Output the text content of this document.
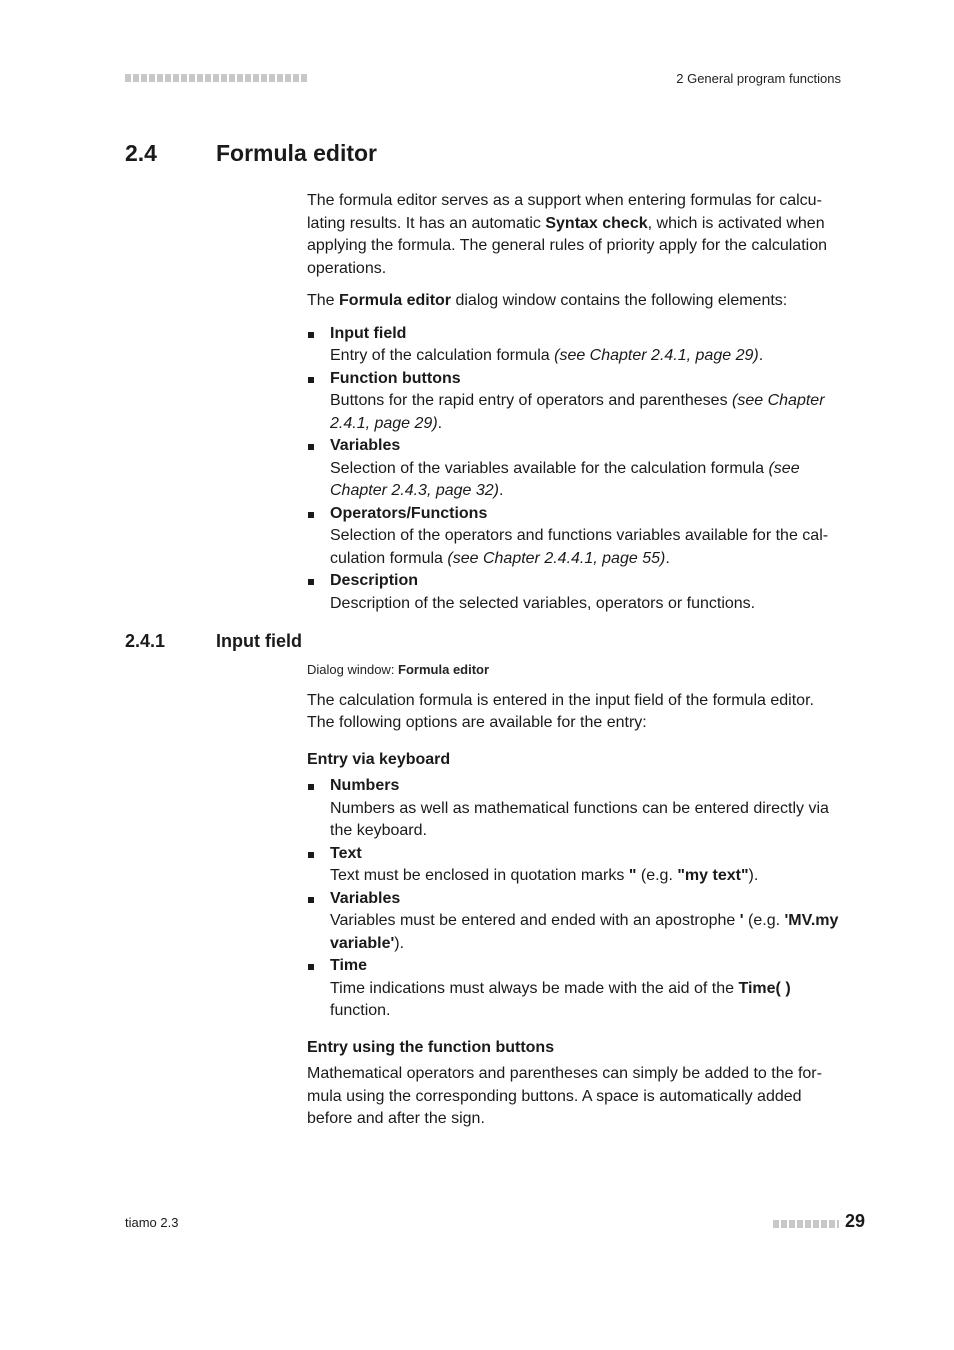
2 General program functions
2.4	Formula editor

The formula editor serves as a support when entering formulas for calcu-lating results. It has an automatic Syntax check, which is activated when applying the formula. The general rules of priority apply for the calculation operations.

The Formula editor dialog window contains the following elements:

Input field
Entry of the calculation formula (see Chapter 2.4.1, page 29).
Function buttons
Buttons for the rapid entry of operators and parentheses (see Chapter 2.4.1, page 29).
Variables
Selection of the variables available for the calculation formula (see Chapter 2.4.3, page 32).
Operators/Functions
Selection of the operators and functions variables available for the cal-culation formula (see Chapter 2.4.4.1, page 55).
Description
Description of the selected variables, operators or functions.
2.4.1	Input field
Dialog window: Formula editor

The calculation formula is entered in the input field of the formula editor. The following options are available for the entry:

Entry via keyboard
Numbers
Numbers as well as mathematical functions can be entered directly via the keyboard.
Text
Text must be enclosed in quotation marks " (e.g. "my text").
Variables
Variables must be entered and ended with an apostrophe ' (e.g. 'MV.my variable').
Time
Time indications must always be made with the aid of the Time( ) function.
Entry using the function buttons

Mathematical operators and parentheses can simply be added to the for-mula using the corresponding buttons. A space is automatically added before and after the sign.

tiamo 2.3	29
